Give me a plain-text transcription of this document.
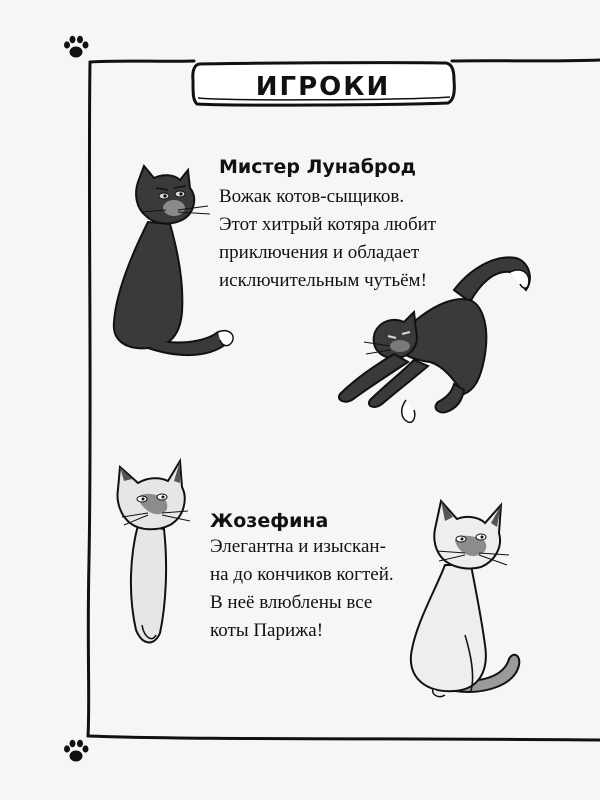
ИГРОКИ
Мистер Лунаброд

Вожак котов-сыщиков.
Этот хитрый котяра любит
приключения и обладает
исключительным чутьём!

Жозефина

Элегантна и изыскан-
на до кончиков когтей.
В неё влюблены все
коты Парижа!
